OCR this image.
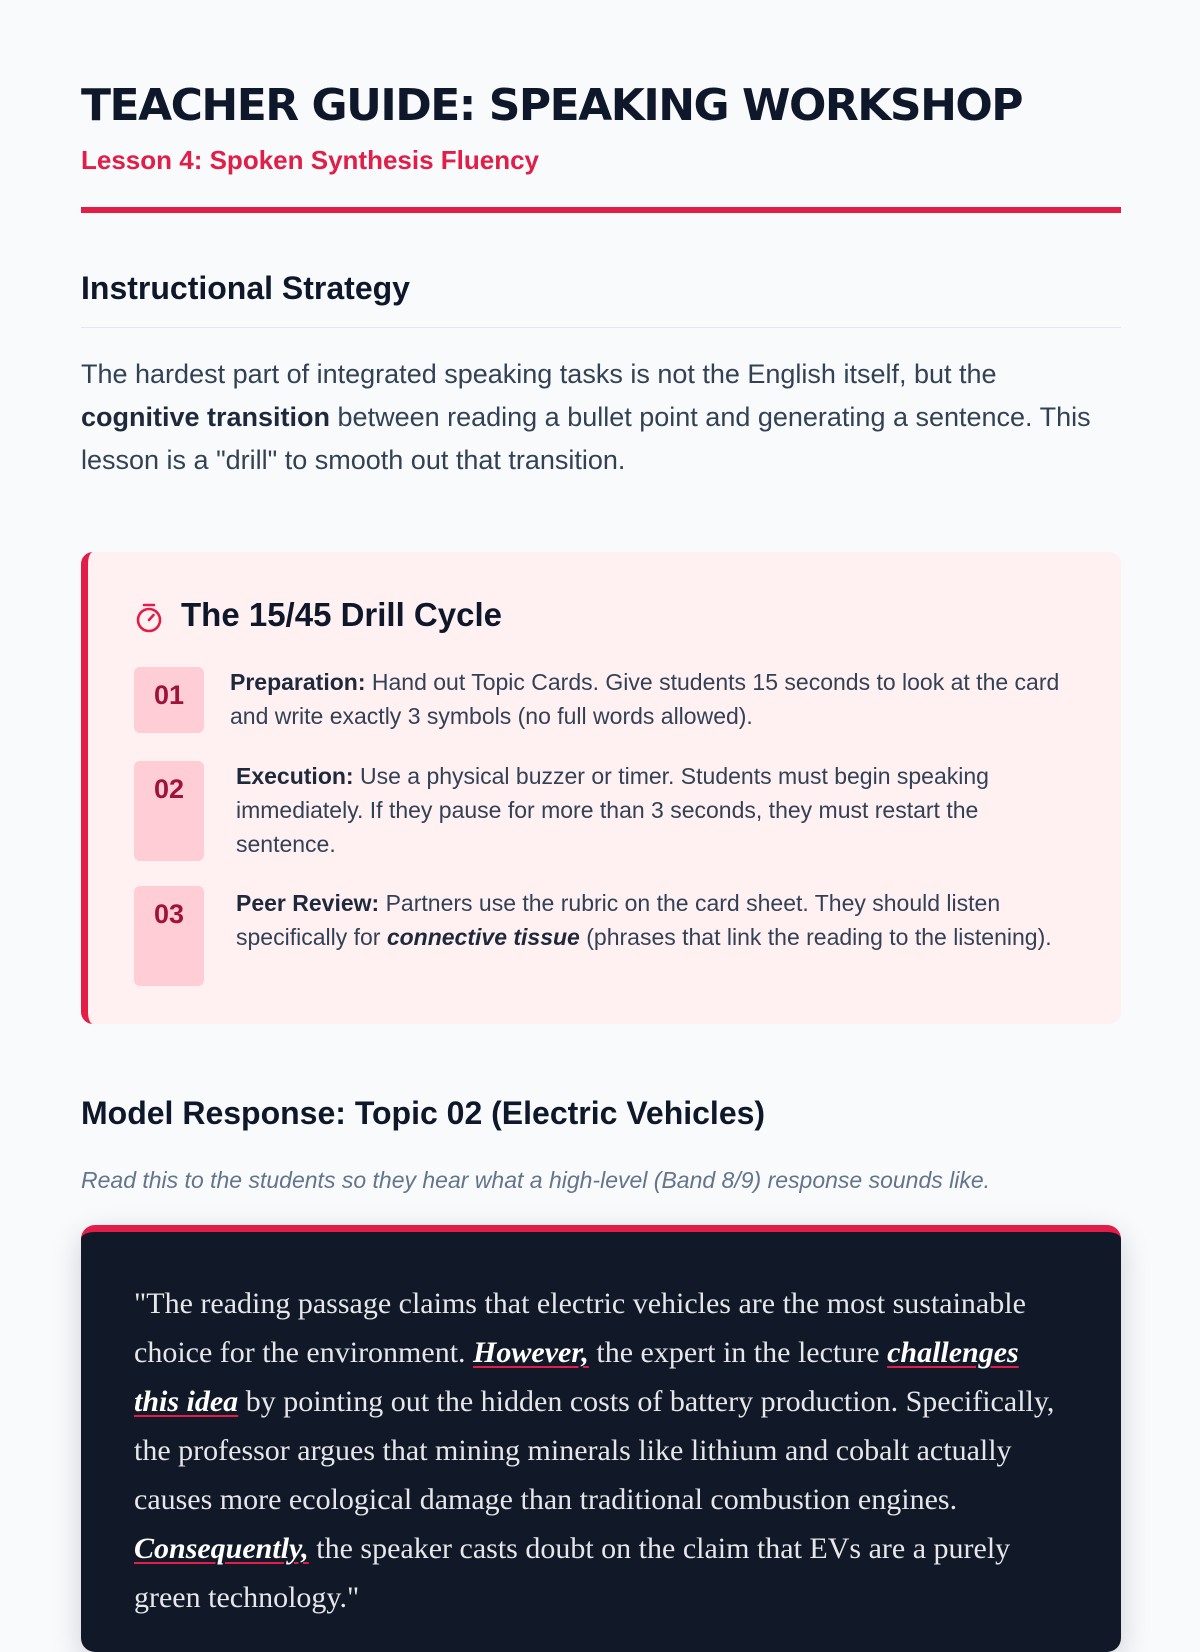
TEACHER GUIDE: SPEAKING WORKSHOP
Lesson 4: Spoken Synthesis Fluency
Instructional Strategy

The hardest part of integrated speaking tasks is not the English itself, but the cognitive transition between reading a bullet point and generating a sentence. This lesson is a "drill" to smooth out that transition.

The 15/45 Drill Cycle
01	Preparation: Hand out Topic Cards. Give students 15 seconds to look at the card and write exactly 3 symbols (no full words allowed).

02	Execution: Use a physical buzzer or timer. Students must begin speaking immediately. If they pause for more than 3 seconds, they must restart the sentence.

03	Peer Review: Partners use the rubric on the card sheet. They should listen specifically for connective tissue (phrases that link the reading to the listening).

Model Response: Topic 02 (Electric Vehicles)

Read this to the students so they hear what a high-level (Band 8/9) response sounds like.

"The reading passage claims that electric vehicles are the most sustainable choice for the environment. However, the expert in the lecture challenges this idea by pointing out the hidden costs of battery production. Specifically, the professor argues that mining minerals like lithium and cobalt actually causes more ecological damage than traditional combustion engines. Consequently, the speaker casts doubt on the claim that EVs are a purely green technology."
